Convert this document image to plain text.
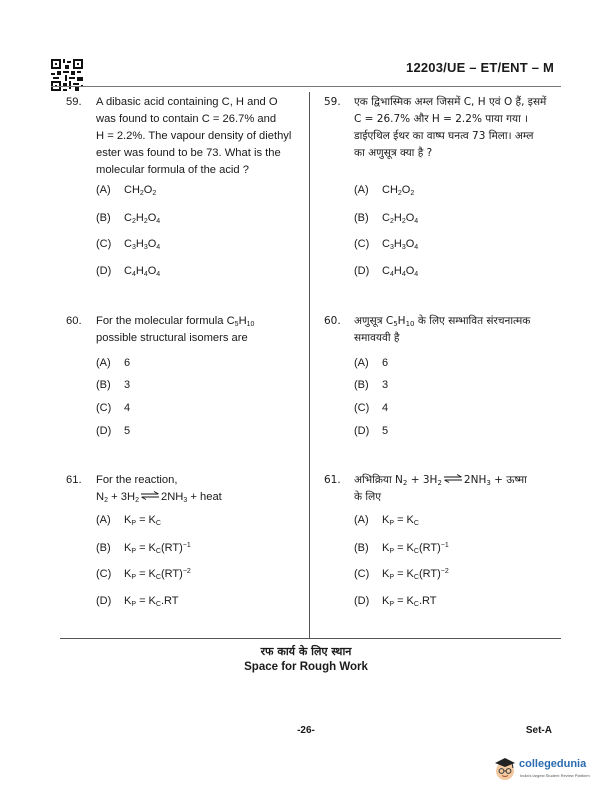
12203/UE – ET/ENT – M
59.	A dibasic acid containing C, H and O
was found to contain C = 26.7% and
H = 2.2%. The vapour density of diethyl
ester was found to be 73. What is the
molecular formula of the acid ?
(A) $CH_2O_2$
(B) $C_2H_2O_4$
(C) $C_3H_3O_4$
(D) $C_4H_4O_4$
60.	For the molecular formula $C_5H_{10}$
possible structural isomers are
(A) 6
(B) 3
(C) 4
(D) 5
61.	For the reaction,
$N_2 + 3H_2$ $\rightleftharpoons 2NH_3$ + heat
(A) $K_P = K_C$
(B) $K_P = K_C(RT)^{-1}$
(C) $K_P = K_C(RT)^{-2}$
(D) $K_P = K_C.RT$
59.	एक द्विभास्मिक अम्ल जिसमें C, H एवं O हैं, इसमें
C = 26.7% और H = 2.2% पाया गया ।
डाईएथिल ईथर का वाष्प घनत्व 73 मिला। अम्ल
का अणुसूत्र क्या है ?
(A) $CH_2O_2$
(B) $C_2H_2O_4$
(C) $C_3H_3O_4$
(D) $C_4H_4O_4$
60.	अणुसूत्र $C_5H_{10}$ के लिए सम्भावित संरचनात्मक
समावयवी है
(A) 6
(B) 3
(C) 4
(D) 5
61.	अभिक्रिया $N_2$ + $3H_2\rightleftharpoons 2NH_3$ + ऊष्मा
के लिए
(A) $K_P = K_C$
(B) $K_P = K_C(RT)^{-1}$
(C) $K_P = K_C(RT)^{-2}$
(D) $K_P = K_C.RT$
रफ कार्य के लिए स्थान
Space for Rough Work
-26-	Set-A
collegedunia
India's largest Student Review Platform
